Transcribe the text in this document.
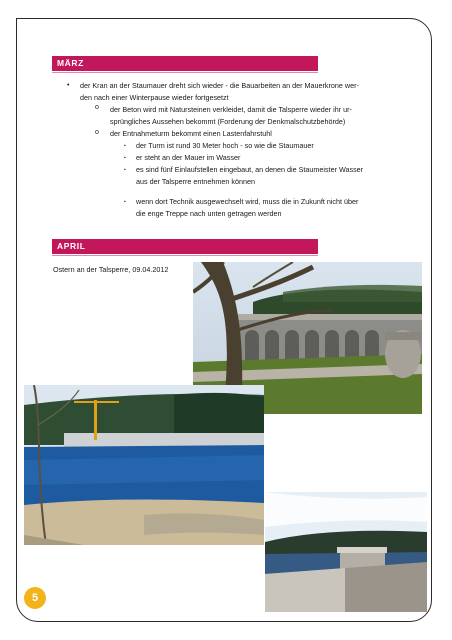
MÄRZ
• der Kran an der Staumauer dreht sich wieder - die Bauarbeiten an der Mauerkrone wer-
den nach einer Winterpause wieder fortgesetzt
o der Beton wird mit Natursteinen verkleidet, damit die Talsperre wieder ihr ur-
sprüngliches Aussehen bekommt (Forderung der Denkmalschutzbehörde)
o der Entnahmeturm bekommt einen Lastenfahrstuhl
▪ der Turm ist rund 30 Meter hoch - so wie die Staumauer
▪ er steht an der Mauer im Wasser
▪ es sind fünf Einlaufstellen eingebaut, an denen die Staumeister Wasser
aus der Talsperre entnehmen können
▪ wenn dort Technik ausgewechselt wird, muss die in Zukunft nicht über
die enge Treppe nach unten getragen werden
APRIL
Ostern an der Talsperre, 09.04.2012
5
